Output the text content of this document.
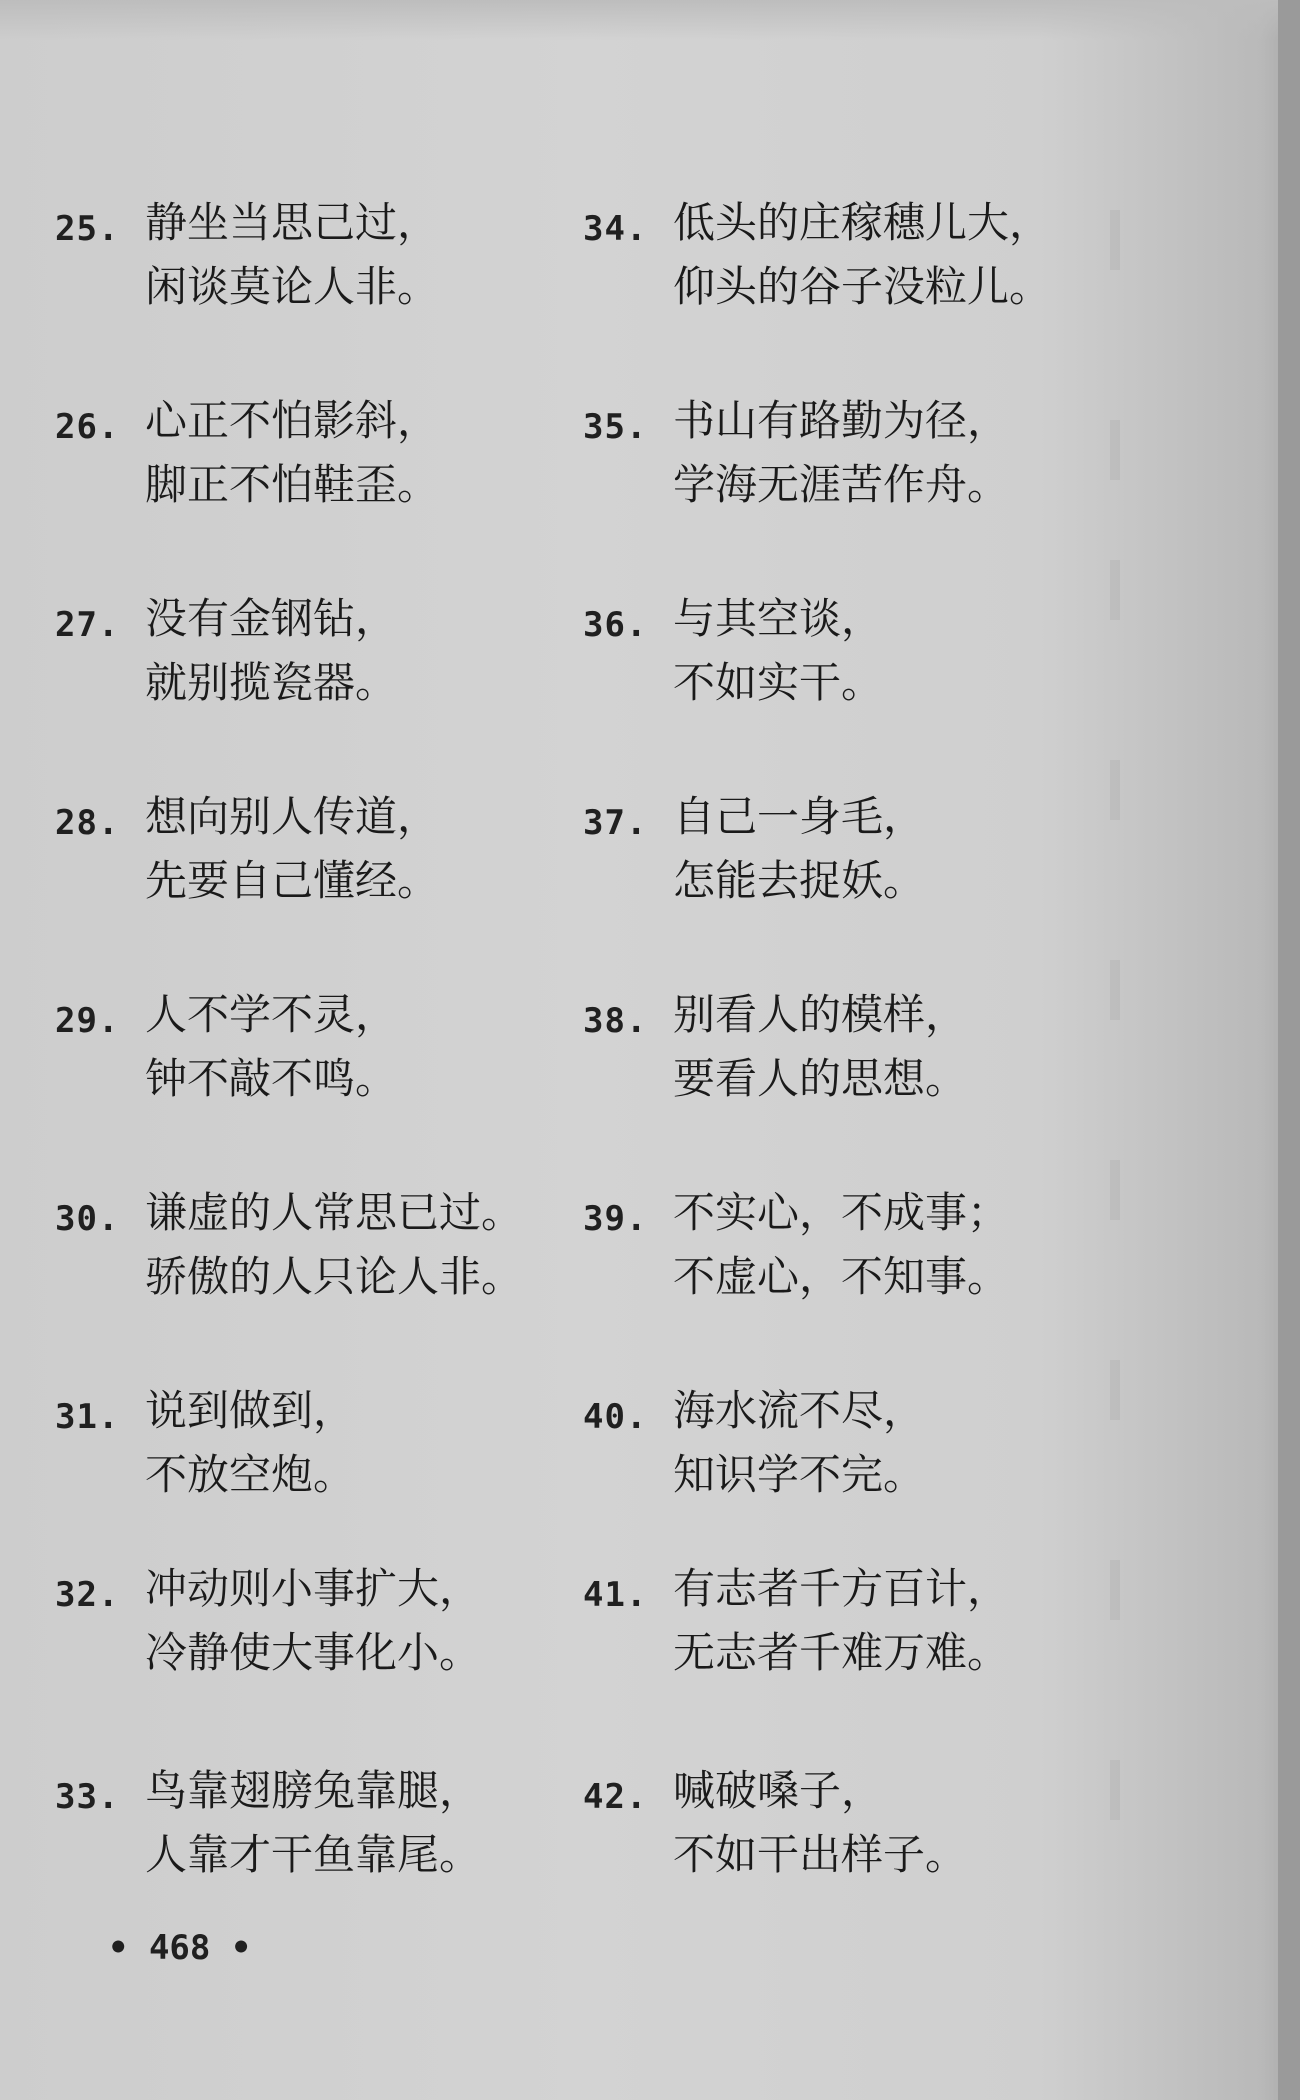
25. 静坐当思己过，
闲谈莫论人非。
26. 心正不怕影斜，
脚正不怕鞋歪。
27. 没有金钢钻，
就别揽瓷器。
28. 想向别人传道，
先要自己懂经。
29. 人不学不灵，
钟不敲不鸣。
30. 谦虚的人常思已过。
骄傲的人只论人非。
31. 说到做到，
不放空炮。
32. 冲动则小事扩大，
冷静使大事化小。
33. 鸟靠翅膀兔靠腿，
人靠才干鱼靠尾。
34. 低头的庄稼穗儿大，
仰头的谷子没粒儿。
35. 书山有路勤为径，
学海无涯苦作舟。
36. 与其空谈，
不如实干。
37. 自己一身毛，
怎能去捉妖。
38. 别看人的模样，
要看人的思想。
39. 不实心，不成事；
不虚心，不知事。
40. 海水流不尽，
知识学不完。
41. 有志者千方百计，
无志者千难万难。
42. 喊破嗓子，
不如干出样子。
• 468 •
